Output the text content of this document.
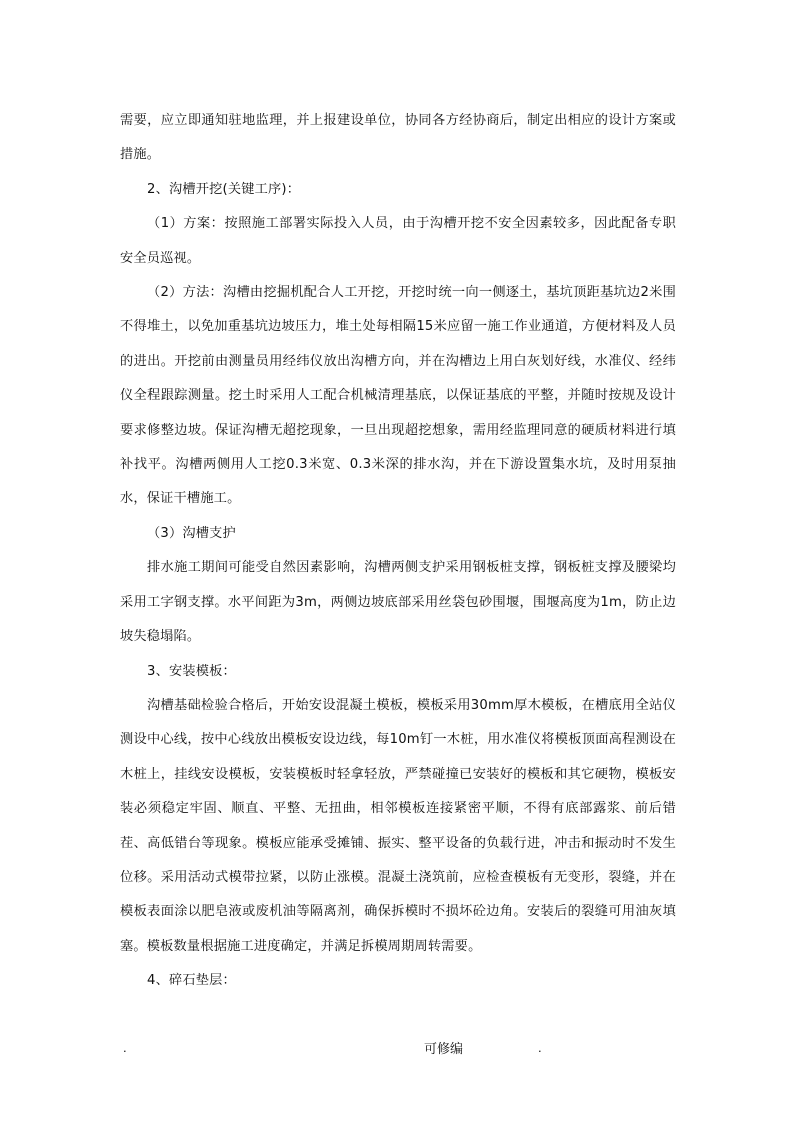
需要，应立即通知驻地监理，并上报建设单位，协同各方经协商后，制定出相应的设计方案或措施。

2、沟槽开挖(关键工序)：

（1）方案：按照施工部署实际投入人员，由于沟槽开挖不安全因素较多，因此配备专职安全员巡视。

（2）方法：沟槽由挖掘机配合人工开挖，开挖时统一向一侧逐土，基坑顶距基坑边2米围不得堆土，以免加重基坑边坡压力，堆土处每相隔15米应留一施工作业通道，方便材料及人员的进出。开挖前由测量员用经纬仪放出沟槽方向，并在沟槽边上用白灰划好线，水准仪、经纬仪全程跟踪测量。挖土时采用人工配合机械清理基底，以保证基底的平整，并随时按规及设计要求修整边坡。保证沟槽无超挖现象，一旦出现超挖想象，需用经监理同意的硬质材料进行填补找平。沟槽两侧用人工挖0.3米宽、0.3米深的排水沟，并在下游设置集水坑，及时用泵抽水，保证干槽施工。

（3）沟槽支护

排水施工期间可能受自然因素影响，沟槽两侧支护采用钢板桩支撑，钢板桩支撑及腰梁均采用工字钢支撑。水平间距为3m，两侧边坡底部采用丝袋包砂围堰，围堰高度为1m，防止边坡失稳塌陷。

3、安装模板：

沟槽基础检验合格后，开始安设混凝土模板，模板采用30mm厚木模板，在槽底用全站仪测设中心线，按中心线放出模板安设边线，每10m钉一木桩，用水准仪将模板顶面高程测设在木桩上，挂线安设模板，安装模板时轻拿轻放，严禁碰撞已安装好的模板和其它硬物，模板安装必须稳定牢固、顺直、平整、无扭曲，相邻模板连接紧密平顺，不得有底部露浆、前后错茬、高低错台等现象。模板应能承受摊铺、振实、整平设备的负载行进，冲击和振动时不发生位移。采用活动式模带拉紧，以防止涨模。混凝土浇筑前，应检查模板有无变形，裂缝，并在模板表面涂以肥皂液或废机油等隔离剂，确保拆模时不损坏砼边角。安装后的裂缝可用油灰填塞。模板数量根据施工进度确定，并满足拆模周期周转需要。

4、碎石垫层：

.	可修编	.
